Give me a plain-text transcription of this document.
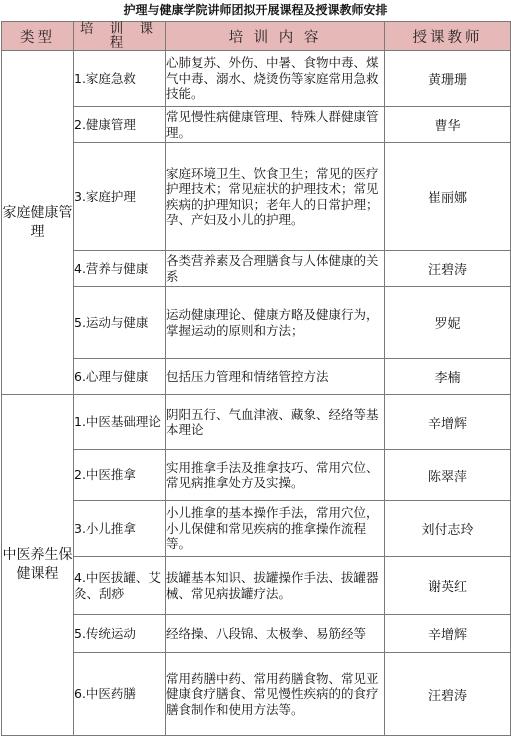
护理与健康学院讲师团拟开展课程及授课教师安排
类型	培 训 课 程	培 训 内 容	授课教师
家庭健康管理	1.家庭急救	心肺复苏、外伤、中暑、食物中毒、煤气中毒、溺水、烧烫伤等家庭常用急救技能。	黄珊珊
	2.健康管理	常见慢性病健康管理、特殊人群健康管理。	曹华
	3.家庭护理	家庭环境卫生、饮食卫生；常见的医疗护理技术；常见症状的护理技术；常见疾病的护理知识；老年人的日常护理；孕、产妇及小儿的护理。	崔丽娜
	4.营养与健康	各类营养素及合理膳食与人体健康的关系	汪碧涛
	5.运动与健康	运动健康理论、健康方略及健康行为，掌握运动的原则和方法；	罗妮
	6.心理与健康	包括压力管理和情绪管控方法	李楠
中医养生保健课程	1.中医基础理论	阴阳五行、气血津液、藏象、经络等基本理论	辛增辉
	2.中医推拿	实用推拿手法及推拿技巧、常用穴位、常见病推拿处方及实操。	陈翠萍
	3.小儿推拿	小儿推拿的基本操作手法，常用穴位，小儿保健和常见疾病的推拿操作流程等。	刘付志玲
	4.中医拔罐、艾灸、刮痧	拔罐基本知识、拔罐操作手法、拔罐器械、常见病拔罐疗法。	谢英红
	5.传统运动	经络操、八段锦、太极拳、易筋经等	辛增辉
	6.中医药膳	常用药膳中药、常用药膳食物、常见亚健康食疗膳食、常见慢性疾病的的食疗膳食制作和使用方法等。	汪碧涛
